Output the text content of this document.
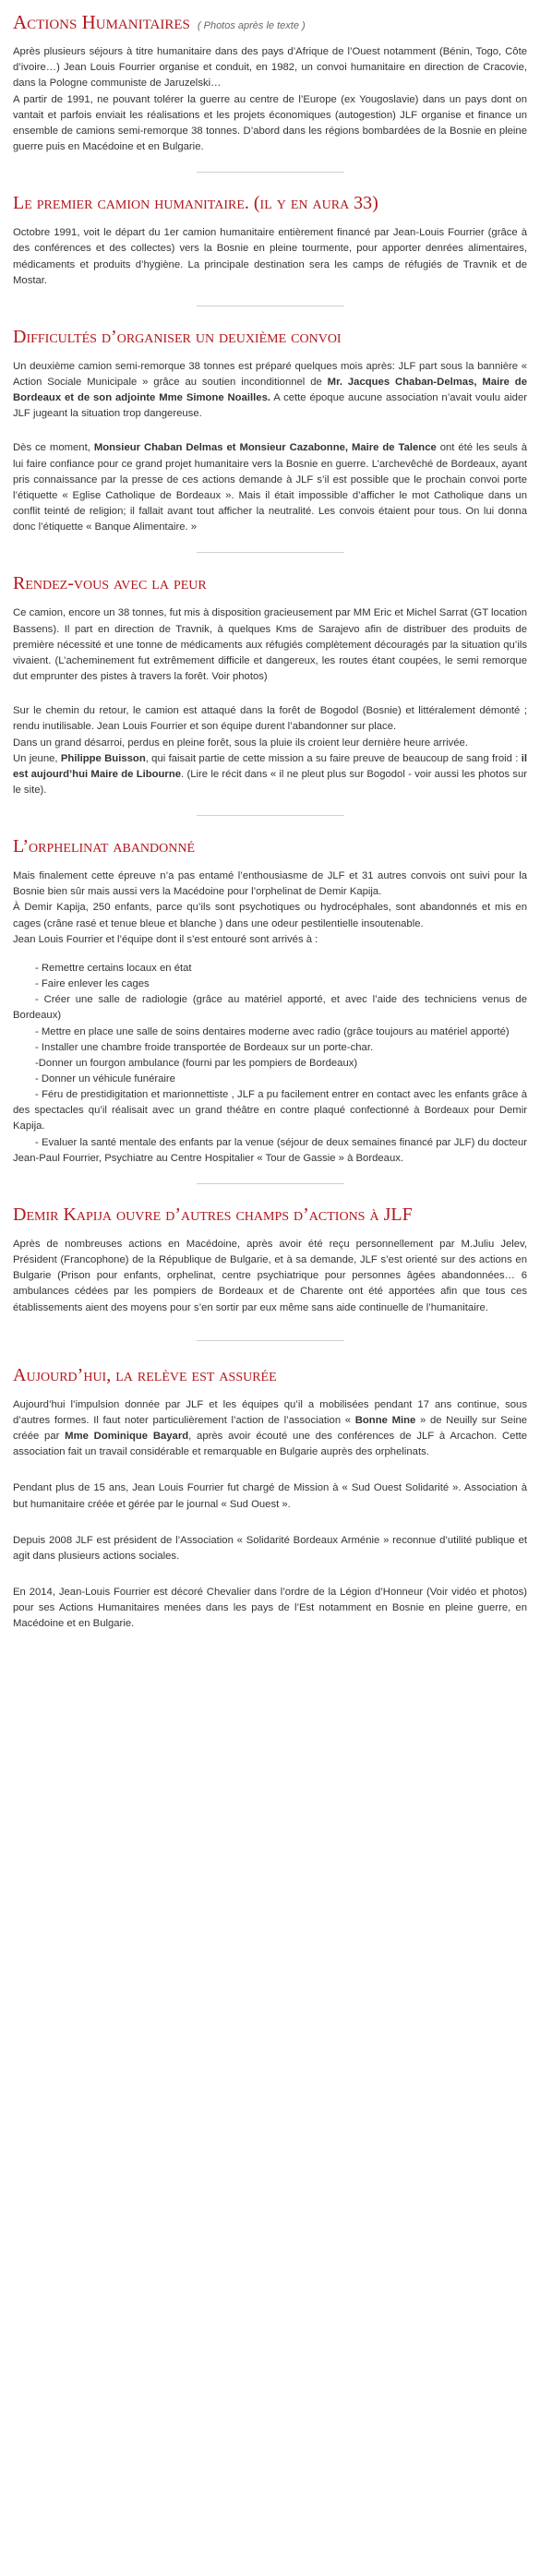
Actions Humanitaires ( Photos après le texte )

Après plusieurs séjours à titre humanitaire dans des pays d’Afrique de l’Ouest notamment (Bénin, Togo, Côte d’ivoire…) Jean Louis Fourrier organise et conduit, en 1982, un convoi humanitaire en direction de Cracovie, dans la Pologne communiste de Jaruzelski…
A partir de 1991, ne pouvant tolérer la guerre au centre de l’Europe (ex Yougoslavie) dans un pays dont on vantait et parfois enviait les réalisations et les projets économiques (autogestion) JLF organise et finance un ensemble de camions semi-remorque 38 tonnes. D’abord dans les régions bombardées de la Bosnie en pleine guerre puis en Macédoine et en Bulgarie.

Le premier camion humanitaire. (il y en aura 33)

Octobre 1991, voit le départ du 1er camion humanitaire entièrement financé par Jean-Louis Fourrier (grâce à des conférences et des collectes) vers la Bosnie en pleine tourmente, pour apporter denrées alimentaires, médicaments et produits d’hygiène. La principale destination sera les camps de réfugiés de Travnik et de Mostar.

Difficultés d’organiser un deuxième convoi

Un deuxième camion semi-remorque 38 tonnes est préparé quelques mois après: JLF part sous la bannière « Action Sociale Municipale » grâce au soutien inconditionnel de Mr. Jacques Chaban-Delmas, Maire de Bordeaux et de son adjointe Mme Simone Noailles. A cette époque aucune association n’avait voulu aider JLF jugeant la situation trop dangereuse.

Dès ce moment, Monsieur Chaban Delmas et Monsieur Cazabonne, Maire de Talence ont été les seuls à lui faire confiance pour ce grand projet humanitaire vers la Bosnie en guerre. L’archevêché de Bordeaux, ayant pris connaissance par la presse de ces actions demande à JLF s’il est possible que le prochain convoi porte l’étiquette « Eglise Catholique de Bordeaux ». Mais il était impossible d’afficher le mot Catholique dans un conflit teinté de religion; il fallait avant tout afficher la neutralité. Les convois étaient pour tous. On lui donna donc l’étiquette « Banque Alimentaire. »

Rendez-vous avec la peur

Ce camion, encore un 38 tonnes, fut mis à disposition gracieusement par MM Eric et Michel Sarrat (GT location Bassens). Il part en direction de Travnik, à quelques Kms de Sarajevo afin de distribuer des produits de première nécessité et une tonne de médicaments aux réfugiés complètement découragés par la situation qu’ils vivaient. (L’acheminement fut extrêmement difficile et dangereux, les routes étant coupées, le semi remorque dut emprunter des pistes à travers la forêt. Voir photos)

Sur le chemin du retour, le camion est attaqué dans la forêt de Bogodol (Bosnie) et littéralement démonté ; rendu inutilisable. Jean Louis Fourrier et son équipe durent l’abandonner sur place.
Dans un grand désarroi, perdus en pleine forêt, sous la pluie ils croient leur dernière heure arrivée.
Un jeune, Philippe Buisson, qui faisait partie de cette mission a su faire preuve de beaucoup de sang froid : il est aujourd’hui Maire de Libourne. (Lire le récit dans « il ne pleut plus sur Bogodol - voir aussi les photos sur le site).

L’orphelinat abandonné

Mais finalement cette épreuve n’a pas entamé l’enthousiasme de JLF et 31 autres convois ont suivi pour la Bosnie bien sûr mais aussi vers la Macédoine pour l’orphelinat de Demir Kapija.
À Demir Kapija, 250 enfants, parce qu’ils sont psychotiques ou hydrocéphales, sont abandonnés et mis en cages (crâne rasé et tenue bleue et blanche ) dans une odeur pestilentielle insoutenable.
Jean Louis Fourrier et l’équipe dont il s’est entouré sont arrivés à :

- Remettre certains locaux en état
- Faire enlever les cages
- Créer une salle de radiologie (grâce au matériel apporté, et avec l’aide des techniciens venus de Bordeaux)
- Mettre en place une salle de soins dentaires moderne avec radio (grâce toujours au matériel apporté)
- Installer une chambre froide transportée de Bordeaux sur un porte-char.
-Donner un fourgon ambulance (fourni par les pompiers de Bordeaux)
- Donner un véhicule funéraire
- Féru de prestidigitation et marionnettiste , JLF a pu facilement entrer en contact avec les enfants grâce à des spectacles qu’il réalisait avec un grand théâtre en contre plaqué confectionné à Bordeaux pour Demir Kapija.
- Evaluer la santé mentale des enfants par la venue (séjour de deux semaines financé par JLF) du docteur Jean-Paul Fourrier, Psychiatre au Centre Hospitalier « Tour de Gassie » à Bordeaux.
Demir Kapija ouvre d’autres champs d’actions à JLF

Après de nombreuses actions en Macédoine, après avoir été reçu personnellement par M.Juliu Jelev, Président (Francophone) de la République de Bulgarie, et à sa demande, JLF s’est orienté sur des actions en Bulgarie (Prison pour enfants, orphelinat, centre psychiatrique pour personnes âgées abandonnées… 6 ambulances cédées par les pompiers de Bordeaux et de Charente ont été apportées afin que tous ces établissements aient des moyens pour s’en sortir par eux même sans aide continuelle de l’humanitaire.

Aujourd’hui, la relève est assurée

Aujourd’hui l’impulsion donnée par JLF et les équipes qu’il a mobilisées pendant 17 ans continue, sous d’autres formes. Il faut noter particulièrement l’action de l’association « Bonne Mine » de Neuilly sur Seine créée par Mme Dominique Bayard, après avoir écouté une des conférences de JLF à Arcachon. Cette association fait un travail considérable et remarquable en Bulgarie auprès des orphelinats.

Pendant plus de 15 ans, Jean Louis Fourrier fut chargé de Mission à « Sud Ouest Solidarité ». Association à but humanitaire créée et gérée par le journal « Sud Ouest ».

Depuis 2008 JLF est président de l’Association « Solidarité Bordeaux Arménie » reconnue d’utilité publique et agit dans plusieurs actions sociales.

En 2014, Jean-Louis Fourrier est décoré Chevalier dans l’ordre de la Légion d’Honneur (Voir vidéo et photos) pour ses Actions Humanitaires menées dans les pays de l’Est notamment en Bosnie en pleine guerre, en Macédoine et en Bulgarie.
